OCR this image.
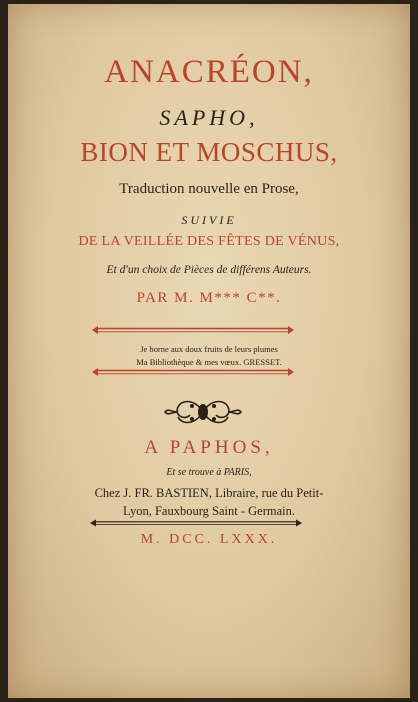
ANACRÉON,
SAPHO,
BION ET MOSCHUS,
Traduction nouvelle en Prose,
SUIVIE
DE LA VEILLÉE DES FÊTES DE VÉNUS,
Et d'un choix de Pièces de différens Auteurs.
PAR M. M*** C**.
Je borne aux doux fruits de leurs plumes
Ma Bibliothèque & mes vœux. GRESSET.
A PAPHOS,
Et se trouve à PARIS,
Chez J. FR. BASTIEN, Libraire, rue du Petit-
Lyon, Fauxbourg Saint - Germain.
M. DCC. LXXX.
